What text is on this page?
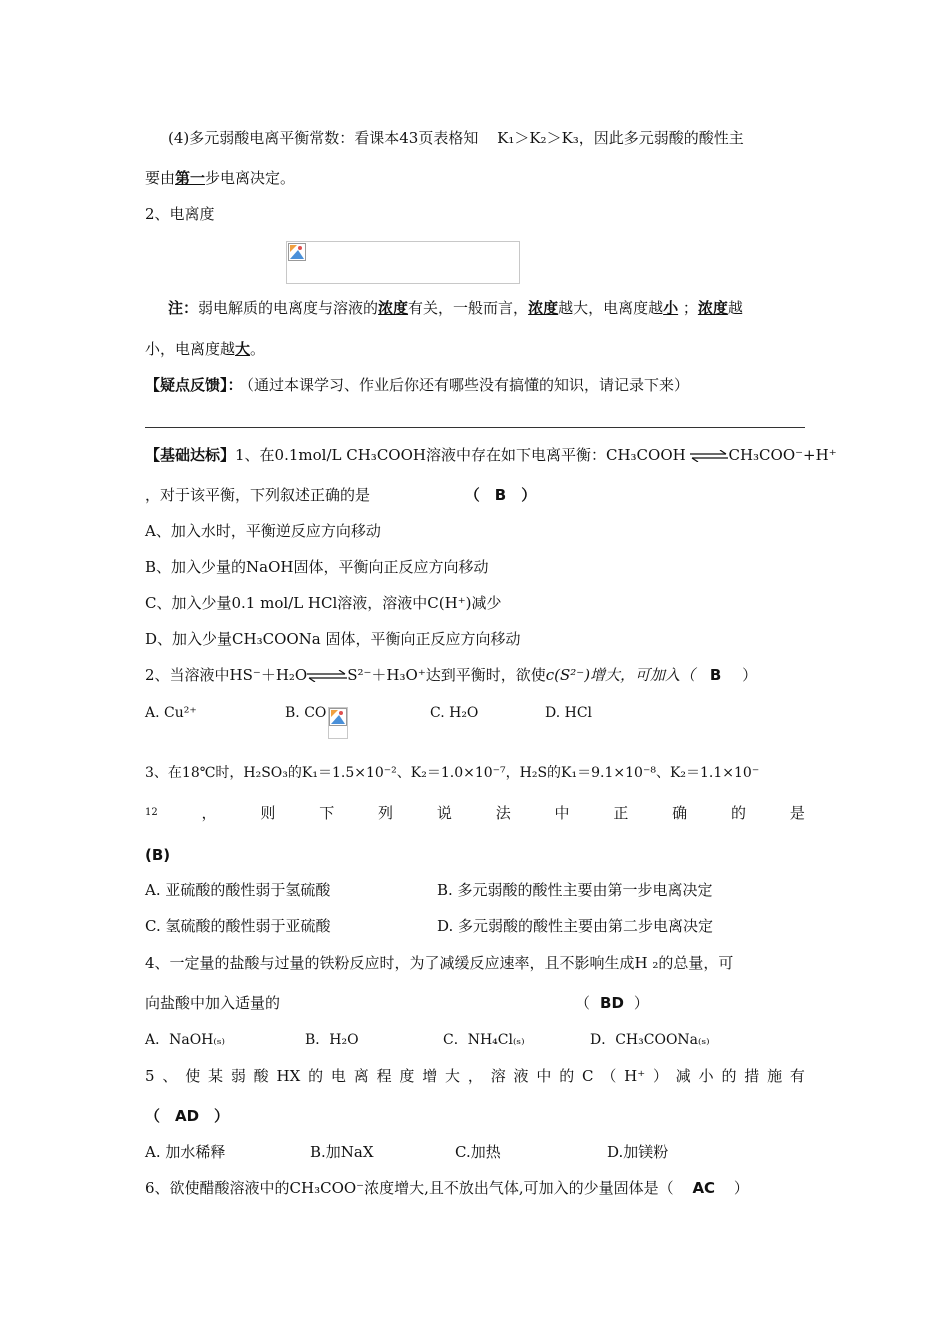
(4)多元弱酸电离平衡常数：看课本43页表格知 K₁＞K₂＞K₃，因此多元弱酸的酸性主
要由第一步电离决定。
2、电离度
注：弱电解质的电离度与溶液的浓度有关，一般而言，浓度越大，电离度越小 ；浓度越
小，电离度越大。
【疑点反馈】： （通过本课学习、作业后你还有哪些没有搞懂的知识，请记录下来）
【基础达标】1、在0.1mol/L CH₃COOH溶液中存在如下电离平衡：CH₃COOH ⇌CH₃COO⁻+H⁺
，对于该平衡，下列叙述正确的是	（　B　）
A、加入水时，平衡逆反应方向移动
B、加入少量的NaOH固体，平衡向正反应方向移动
C、加入少量0.1 mol/L HCl溶液，溶液中C(H⁺)减少
D、加入少量CH₃COONa 固体，平衡向正反应方向移动
2、当溶液中HS⁻＋H₂O⇌S²⁻＋H₃O⁺达到平衡时，欲使c(S²⁻)增大，可加入（ B ）
A. Cu²⁺	B. CO	C. H₂O	D. HCl
3、在18℃时，H₂SO₃的K₁＝1.5×10⁻²、K₂＝1.0×10⁻⁷，H₂S的K₁＝9.1×10⁻⁸、K₂＝1.1×10⁻
12	，	则	下	列	说	法	中	正	确	的	是
(B)
A. 亚硫酸的酸性弱于氢硫酸	B. 多元弱酸的酸性主要由第一步电离决定
C. 氢硫酸的酸性弱于亚硫酸	D. 多元弱酸的酸性主要由第二步电离决定
4、一定量的盐酸与过量的铁粉反应时，为了减缓反应速率，且不影响生成H ₂的总量，可
向盐酸中加入适量的	（ BD ）
A．NaOH₍ₛ₎	B．H₂O	C．NH₄Cl₍ₛ₎	D．CH₃COONa₍ₛ₎
5 、 使 某 弱 酸 HX 的 电 离 程 度 增 大 ， 溶 液 中 的 C （ H⁺ ） 减 小 的 措 施 有
（　AD　）
A. 加水稀释	B.加NaX	C.加热	D.加镁粉
6、欲使醋酸溶液中的CH₃COO⁻浓度增大,且不放出气体,可加入的少量固体是（ AC ）
